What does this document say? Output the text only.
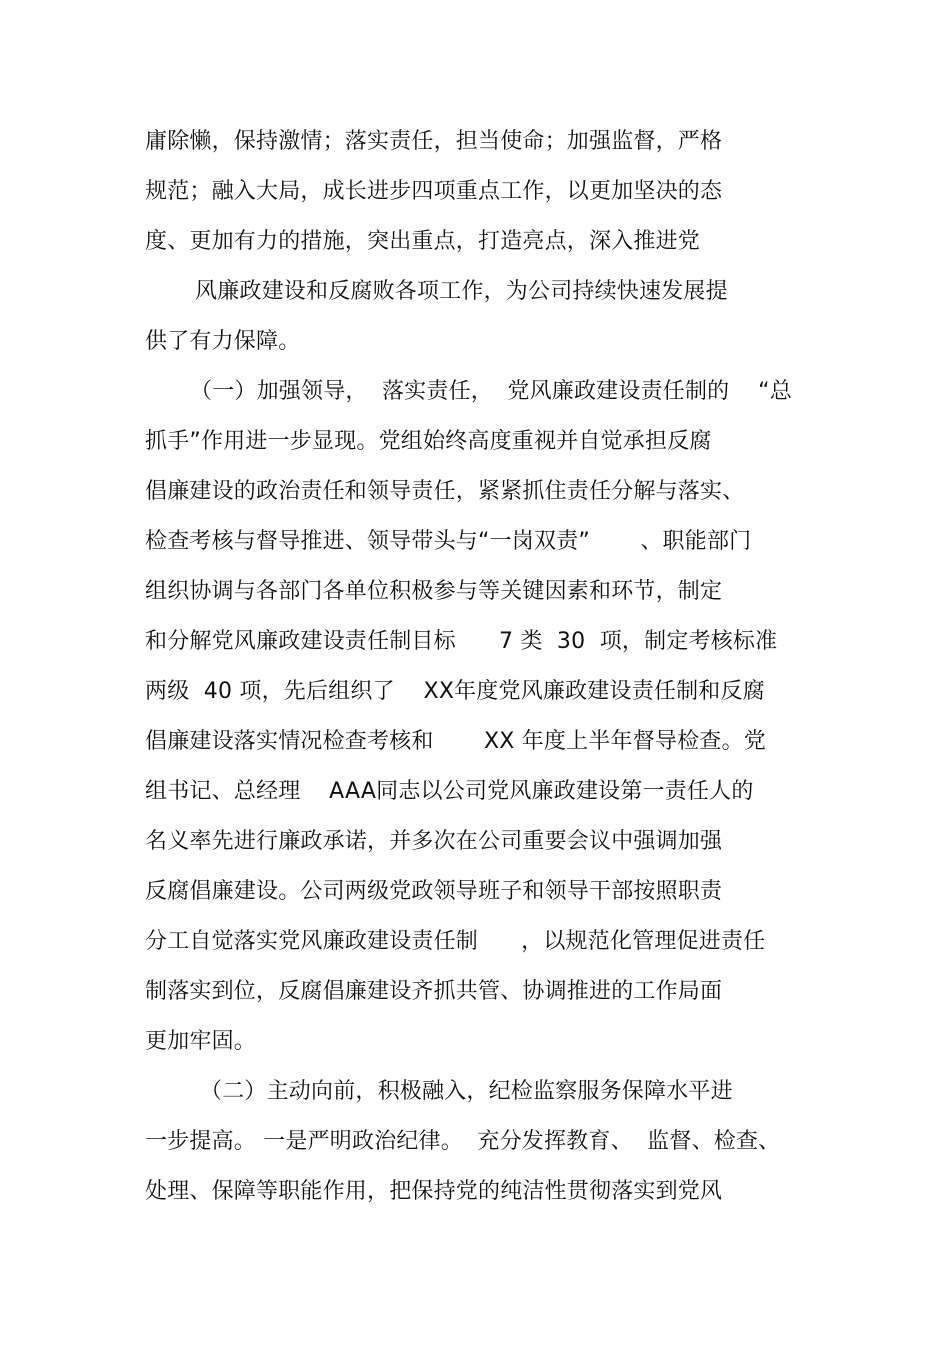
庸除懒，保持激情；落实责任，担当使命；加强监督，严格
规范；融入大局，成长进步四项重点工作，以更加坚决的态
度、更加有力的措施，突出重点，打造亮点，深入推进党
风廉政建设和反腐败各项工作，为公司持续快速发展提
供了有力保障。
（一）加强领导，  落实责任，  党风廉政建设责任制的    “总
抓手”作用进一步显现。党组始终高度重视并自觉承担反腐
倡廉建设的政治责任和领导责任，紧紧抓住责任分解与落实、
检查考核与督导推进、领导带头与“一岗双责”       、职能部门
组织协调与各部门各单位积极参与等关键因素和环节，制定
和分解党风廉政建设责任制目标      7 类  30  项，制定考核标准
两级  40 项，先后组织了    XX年度党风廉政建设责任制和反腐
倡廉建设落实情况检查考核和       XX 年度上半年督导检查。党
组书记、总经理    AAA同志以公司党风廉政建设第一责任人的
名义率先进行廉政承诺，并多次在公司重要会议中强调加强
反腐倡廉建设。公司两级党政领导班子和领导干部按照职责
分工自觉落实党风廉政建设责任制      ，以规范化管理促进责任
制落实到位，反腐倡廉建设齐抓共管、协调推进的工作局面
更加牢固。
（二）主动向前，积极融入，纪检监察服务保障水平进
一步提高。 一是严明政治纪律。  充分发挥教育、  监督、检查、
处理、保障等职能作用，把保持党的纯洁性贯彻落实到党风
